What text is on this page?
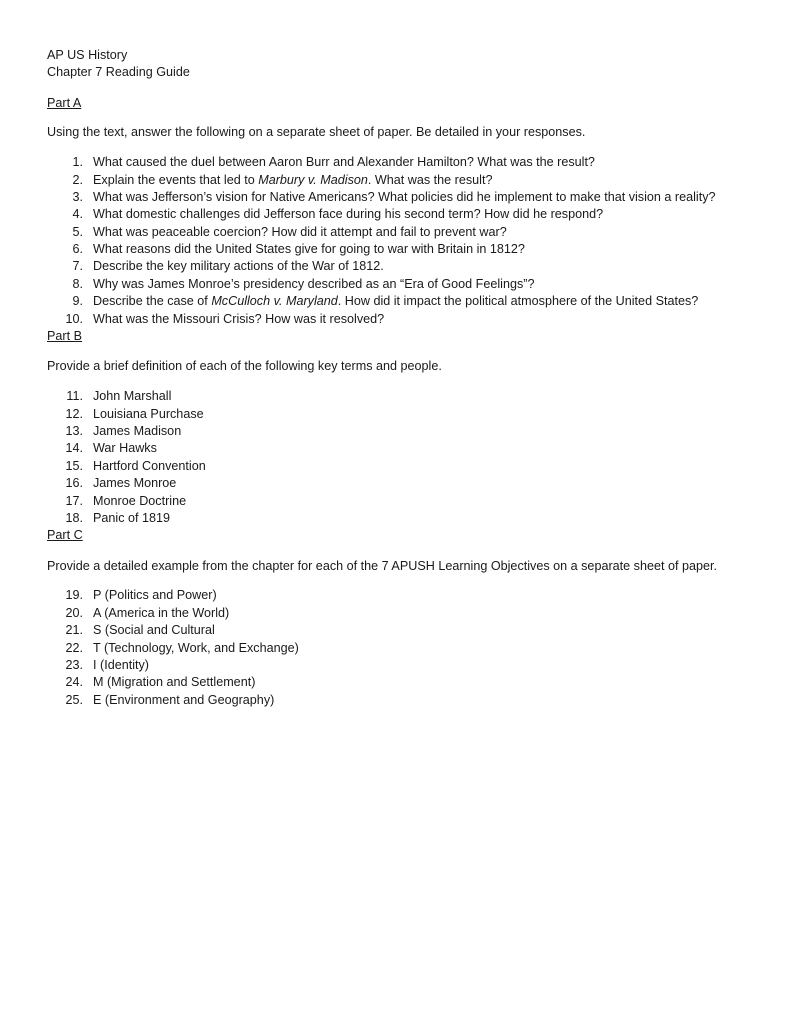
AP US History
Chapter 7 Reading Guide
Part A
Using the text, answer the following on a separate sheet of paper. Be detailed in your responses.
1. What caused the duel between Aaron Burr and Alexander Hamilton? What was the result?
2. Explain the events that led to Marbury v. Madison. What was the result?
3. What was Jefferson’s vision for Native Americans? What policies did he implement to make that vision a reality?
4. What domestic challenges did Jefferson face during his second term? How did he respond?
5. What was peaceable coercion? How did it attempt and fail to prevent war?
6. What reasons did the United States give for going to war with Britain in 1812?
7. Describe the key military actions of the War of 1812.
8. Why was James Monroe’s presidency described as an “Era of Good Feelings”?
9. Describe the case of McCulloch v. Maryland. How did it impact the political atmosphere of the United States?
10. What was the Missouri Crisis? How was it resolved?
Part B
Provide a brief definition of each of the following key terms and people.
11. John Marshall
12. Louisiana Purchase
13. James Madison
14. War Hawks
15. Hartford Convention
16. James Monroe
17. Monroe Doctrine
18. Panic of 1819
Part C
Provide a detailed example from the chapter for each of the 7 APUSH Learning Objectives on a separate sheet of paper.
19. P (Politics and Power)
20. A (America in the World)
21. S (Social and Cultural
22. T (Technology, Work, and Exchange)
23. I (Identity)
24. M (Migration and Settlement)
25. E (Environment and Geography)
